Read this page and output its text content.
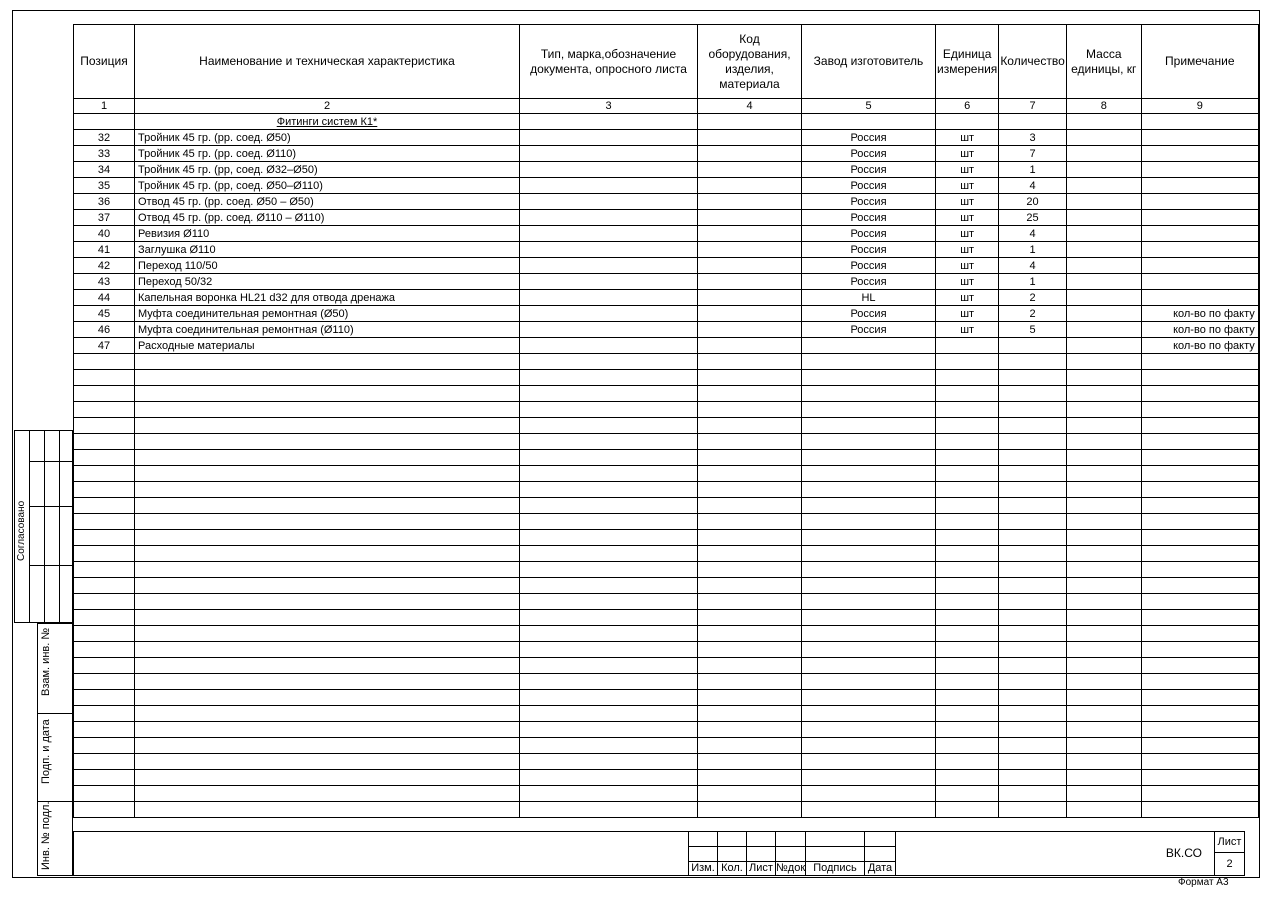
Позиция	Наименование и техническая характеристика	Тип, марка,обозначение документа, опросного листа	Код оборудования, изделия, материала	Завод изготовитель	Единица измерения	Количество	Масса единицы, кг	Примечание
1	2	3	4	5	6	7	8	9
	Фитинги систем К1*							
32	Тройник 45 гр. (рр. соед. Ø50)			Россия	шт	3		
33	Тройник 45 гр. (рр. соед. Ø110)			Россия	шт	7		
34	Тройник 45 гр. (рр, соед. Ø32–Ø50)			Россия	шт	1		
35	Тройник 45 гр. (рр, соед. Ø50–Ø110)			Россия	шт	4		
36	Отвод 45 гр. (рр. соед. Ø50 – Ø50)			Россия	шт	20		
37	Отвод 45 гр. (рр. соед. Ø110 – Ø110)			Россия	шт	25		
40	Ревизия Ø110			Россия	шт	4		
41	Заглушка Ø110			Россия	шт	1		
42	Переход 110/50			Россия	шт	4		
43	Переход 50/32			Россия	шт	1		
44	Капельная воронка HL21 d32 для отвода дренажа			HL	шт	2		
45	Муфта соединительная ремонтная (Ø50)			Россия	шт	2		кол-во по факту
46	Муфта соединительная ремонтная (Ø110)			Россия	шт	5		кол-во по факту
47	Расходные материалы							кол-во по факту

Согласовано
Взам. инв. №
Подп. и дата
Инв. № подл.	Изм. Кол. Лист №док Подпись	Дата
ВК.СО
Лист
2
Формат А3
